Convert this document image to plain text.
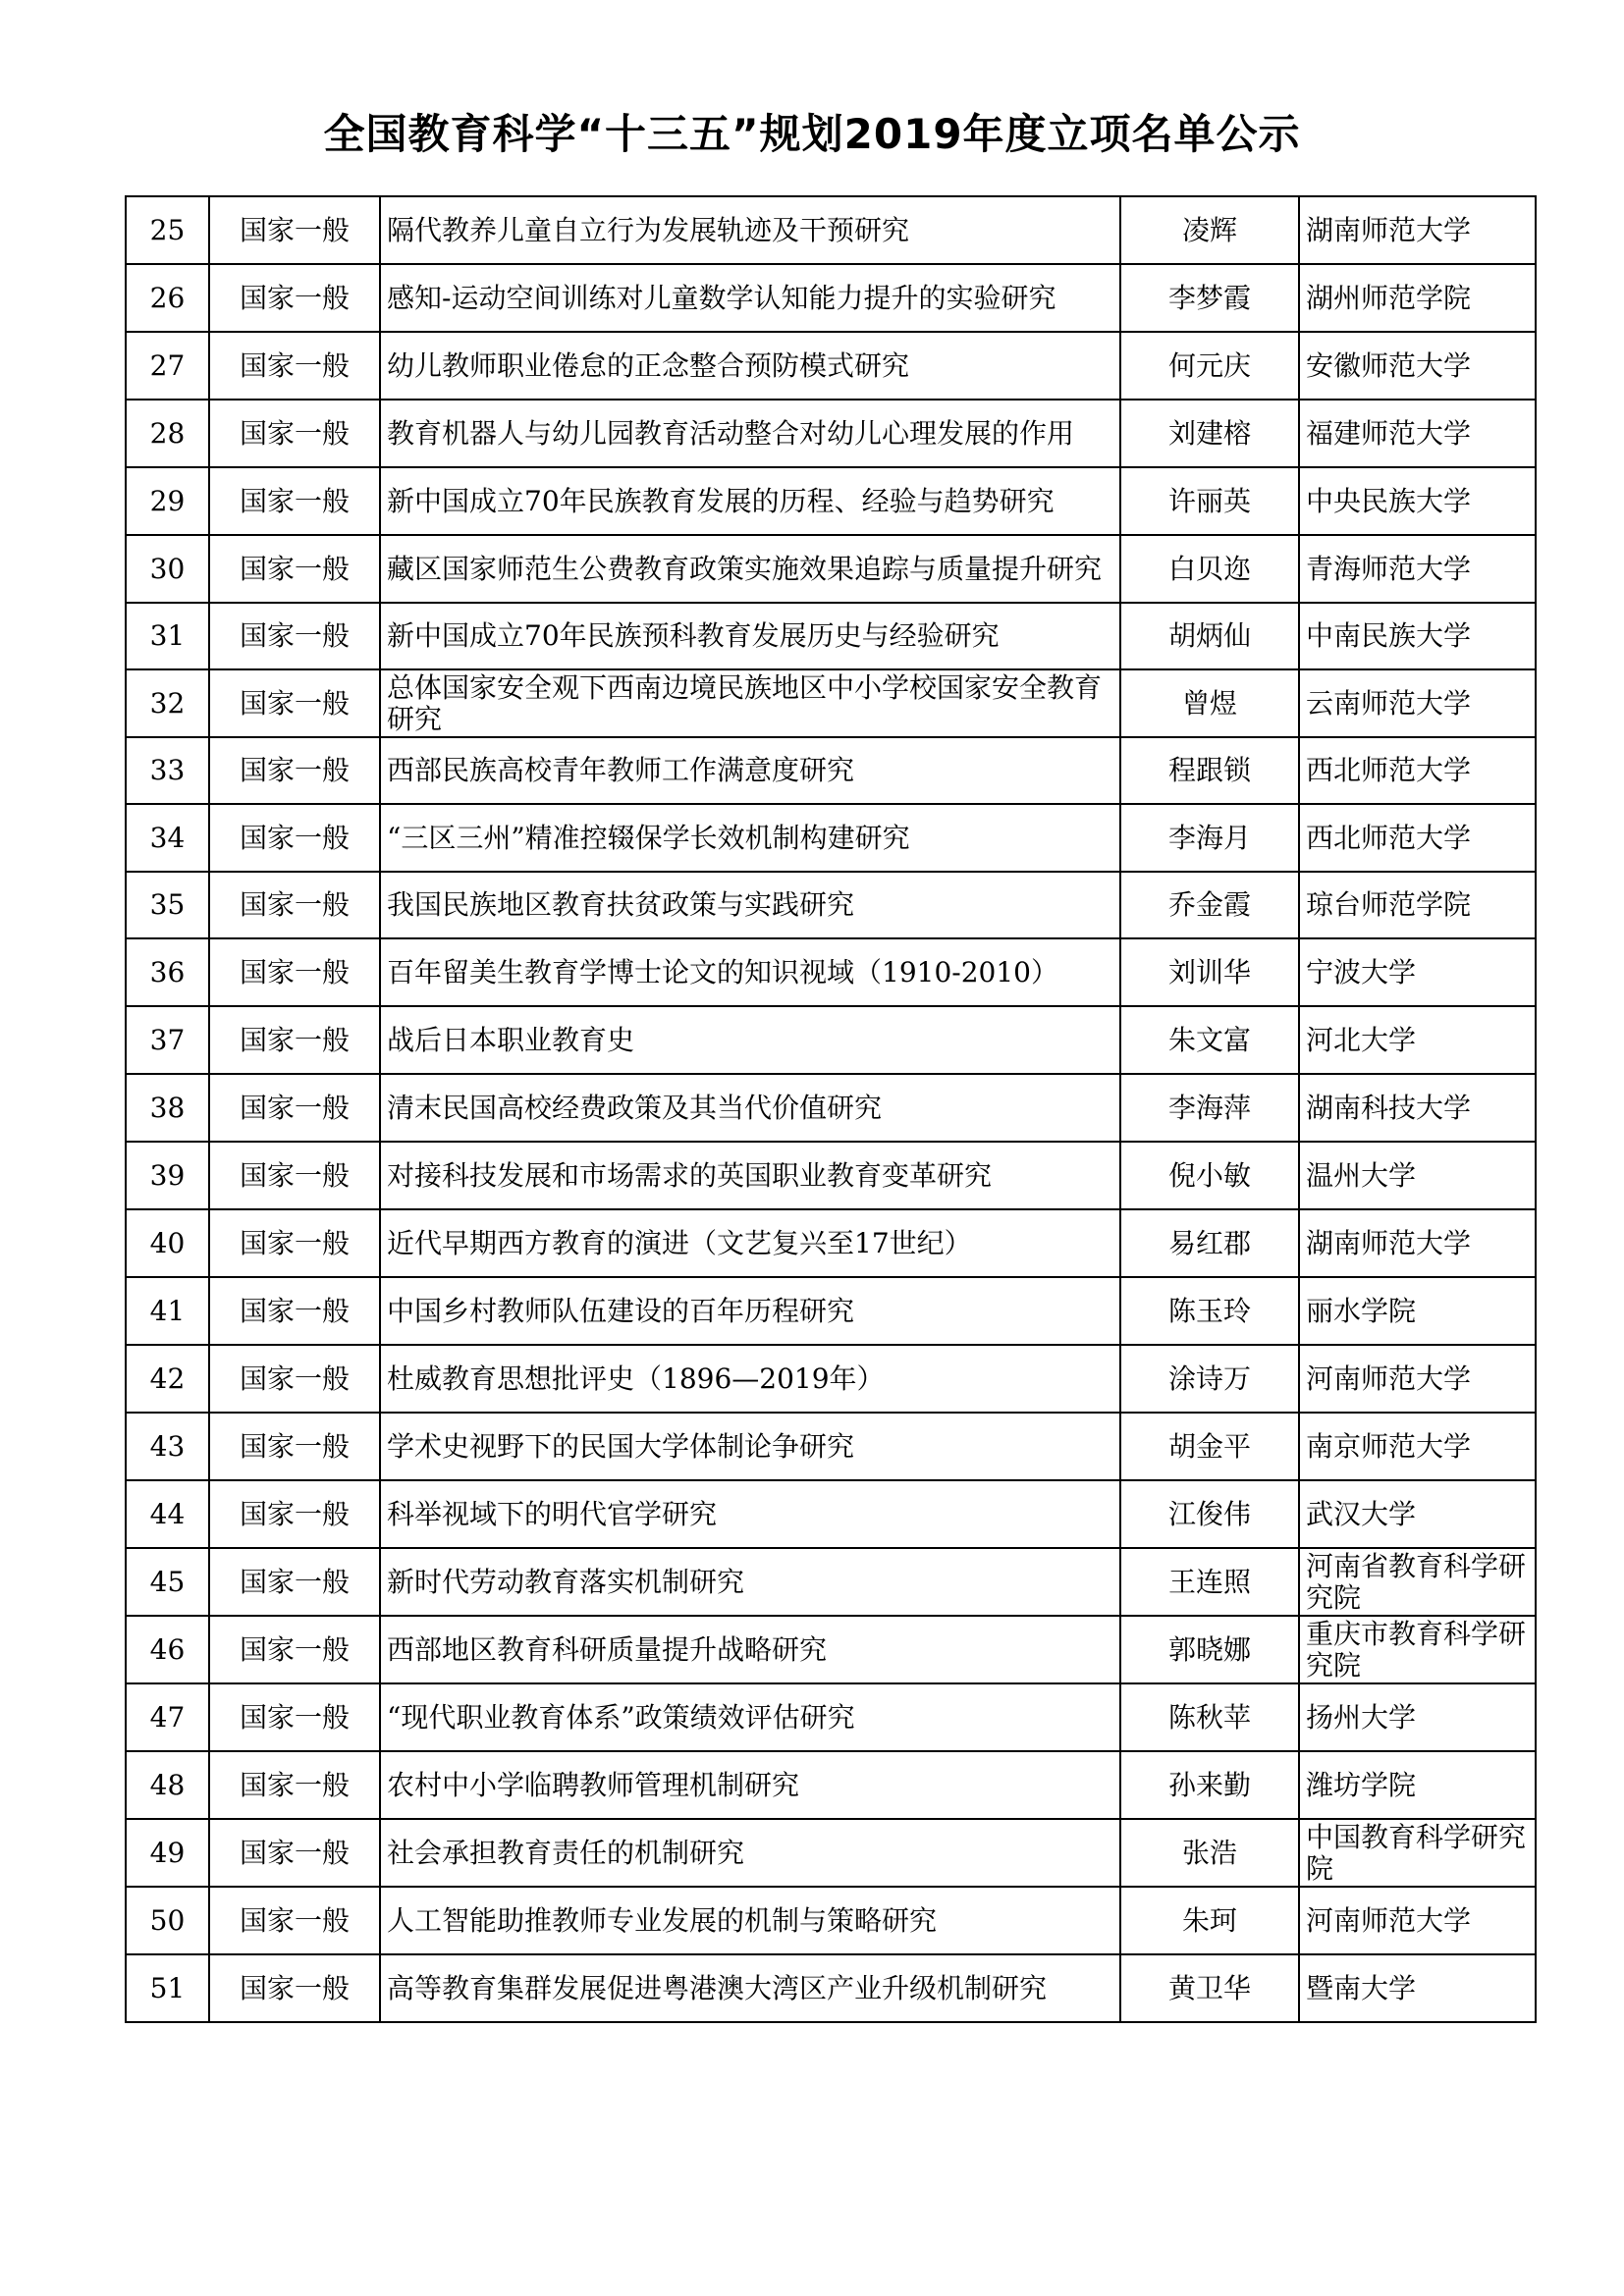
全国教育科学“十三五”规划2019年度立项名单公示
25	国家一般	隔代教养儿童自立行为发展轨迹及干预研究	凌辉	湖南师范大学
26	国家一般	感知-运动空间训练对儿童数学认知能力提升的实验研究	李梦霞	湖州师范学院
27	国家一般	幼儿教师职业倦怠的正念整合预防模式研究	何元庆	安徽师范大学
28	国家一般	教育机器人与幼儿园教育活动整合对幼儿心理发展的作用	刘建榕	福建师范大学
29	国家一般	新中国成立70年民族教育发展的历程、经验与趋势研究	许丽英	中央民族大学
30	国家一般	藏区国家师范生公费教育政策实施效果追踪与质量提升研究	白贝迩	青海师范大学
31	国家一般	新中国成立70年民族预科教育发展历史与经验研究	胡炳仙	中南民族大学
32	国家一般	总体国家安全观下西南边境民族地区中小学校国家安全教育研究	曾煜	云南师范大学
33	国家一般	西部民族高校青年教师工作满意度研究	程跟锁	西北师范大学
34	国家一般	“三区三州”精准控辍保学长效机制构建研究	李海月	西北师范大学
35	国家一般	我国民族地区教育扶贫政策与实践研究	乔金霞	琼台师范学院
36	国家一般	百年留美生教育学博士论文的知识视域（1910-2010）	刘训华	宁波大学
37	国家一般	战后日本职业教育史	朱文富	河北大学
38	国家一般	清末民国高校经费政策及其当代价值研究	李海萍	湖南科技大学
39	国家一般	对接科技发展和市场需求的英国职业教育变革研究	倪小敏	温州大学
40	国家一般	近代早期西方教育的演进（文艺复兴至17世纪）	易红郡	湖南师范大学
41	国家一般	中国乡村教师队伍建设的百年历程研究	陈玉玲	丽水学院
42	国家一般	杜威教育思想批评史（1896—2019年）	涂诗万	河南师范大学
43	国家一般	学术史视野下的民国大学体制论争研究	胡金平	南京师范大学
44	国家一般	科举视域下的明代官学研究	江俊伟	武汉大学
45	国家一般	新时代劳动教育落实机制研究	王连照	河南省教育科学研究院
46	国家一般	西部地区教育科研质量提升战略研究	郭晓娜	重庆市教育科学研究院
47	国家一般	“现代职业教育体系”政策绩效评估研究	陈秋苹	扬州大学
48	国家一般	农村中小学临聘教师管理机制研究	孙来勤	潍坊学院
49	国家一般	社会承担教育责任的机制研究	张浩	中国教育科学研究院
50	国家一般	人工智能助推教师专业发展的机制与策略研究	朱珂	河南师范大学
51	国家一般	高等教育集群发展促进粤港澳大湾区产业升级机制研究	黄卫华	暨南大学
